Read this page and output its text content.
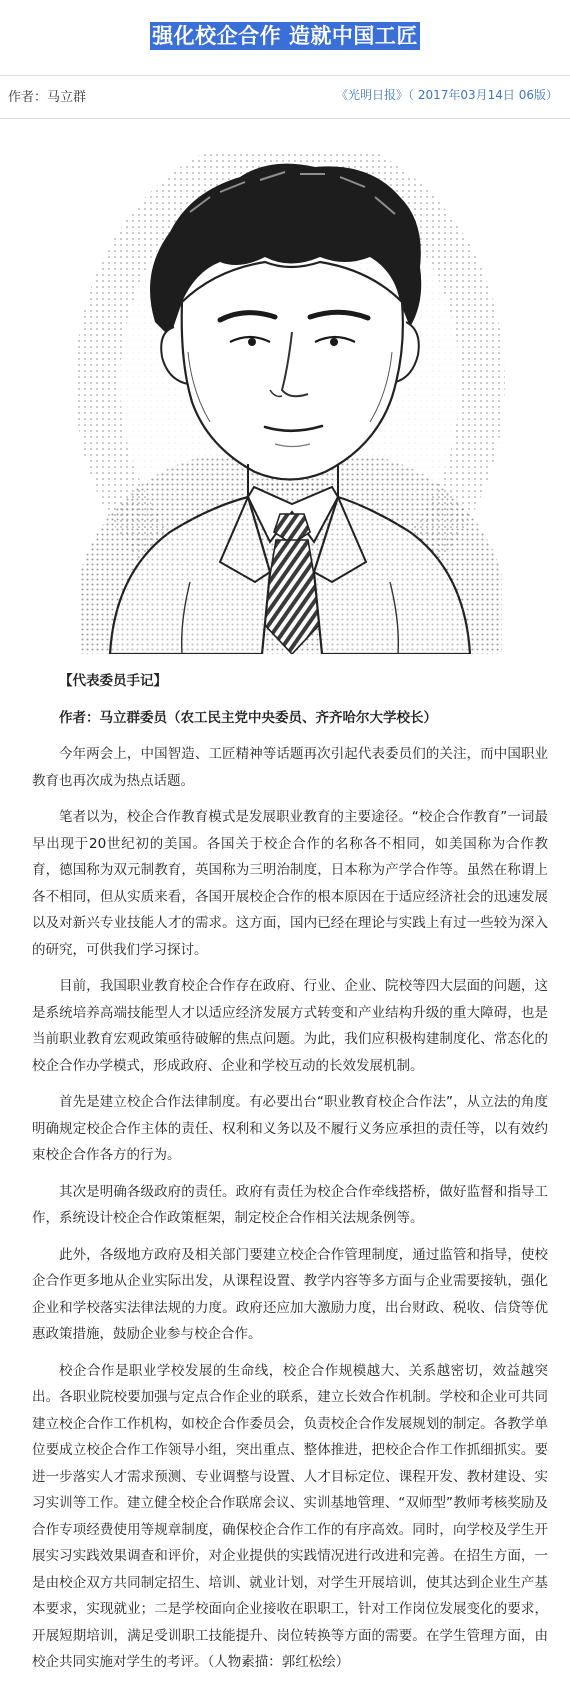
强化校企合作 造就中国工匠
作者：马立群	《光明日报》（ 2017年03月14日 06版）

【代表委员手记】

作者：马立群委员（农工民主党中央委员、齐齐哈尔大学校长）

今年两会上，中国智造、工匠精神等话题再次引起代表委员们的关注，而中国职业教育也再次成为热点话题。

笔者以为，校企合作教育模式是发展职业教育的主要途径。“校企合作教育”一词最早出现于20世纪初的美国。各国关于校企合作的名称各不相同，如美国称为合作教育，德国称为双元制教育，英国称为三明治制度，日本称为产学合作等。虽然在称谓上各不相同，但从实质来看，各国开展校企合作的根本原因在于适应经济社会的迅速发展以及对新兴专业技能人才的需求。这方面，国内已经在理论与实践上有过一些较为深入的研究，可供我们学习探讨。

目前，我国职业教育校企合作存在政府、行业、企业、院校等四大层面的问题，这是系统培养高端技能型人才以适应经济发展方式转变和产业结构升级的重大障碍，也是当前职业教育宏观政策亟待破解的焦点问题。为此，我们应积极构建制度化、常态化的校企合作办学模式，形成政府、企业和学校互动的长效发展机制。

首先是建立校企合作法律制度。有必要出台“职业教育校企合作法”，从立法的角度明确规定校企合作主体的责任、权利和义务以及不履行义务应承担的责任等，以有效约束校企合作各方的行为。

其次是明确各级政府的责任。政府有责任为校企合作牵线搭桥，做好监督和指导工作，系统设计校企合作政策框架，制定校企合作相关法规条例等。

此外，各级地方政府及相关部门要建立校企合作管理制度，通过监管和指导，使校企合作更多地从企业实际出发，从课程设置、教学内容等多方面与企业需要接轨，强化企业和学校落实法律法规的力度。政府还应加大激励力度，出台财政、税收、信贷等优惠政策措施，鼓励企业参与校企合作。

校企合作是职业学校发展的生命线，校企合作规模越大、关系越密切，效益越突出。各职业院校要加强与定点合作企业的联系，建立长效合作机制。学校和企业可共同建立校企合作工作机构，如校企合作委员会，负责校企合作发展规划的制定。各教学单位要成立校企合作工作领导小组，突出重点、整体推进，把校企合作工作抓细抓实。要进一步落实人才需求预测、专业调整与设置、人才目标定位、课程开发、教材建设、实习实训等工作。建立健全校企合作联席会议、实训基地管理、“双师型”教师考核奖励及合作专项经费使用等规章制度，确保校企合作工作的有序高效。同时，向学校及学生开展实习实践效果调查和评价，对企业提供的实践情况进行改进和完善。在招生方面，一是由校企双方共同制定招生、培训、就业计划，对学生开展培训，使其达到企业生产基本要求，实现就业；二是学校面向企业接收在职职工，针对工作岗位发展变化的要求，开展短期培训，满足受训职工技能提升、岗位转换等方面的需要。在学生管理方面，由校企共同实施对学生的考评。（人物素描：郭红松绘）
